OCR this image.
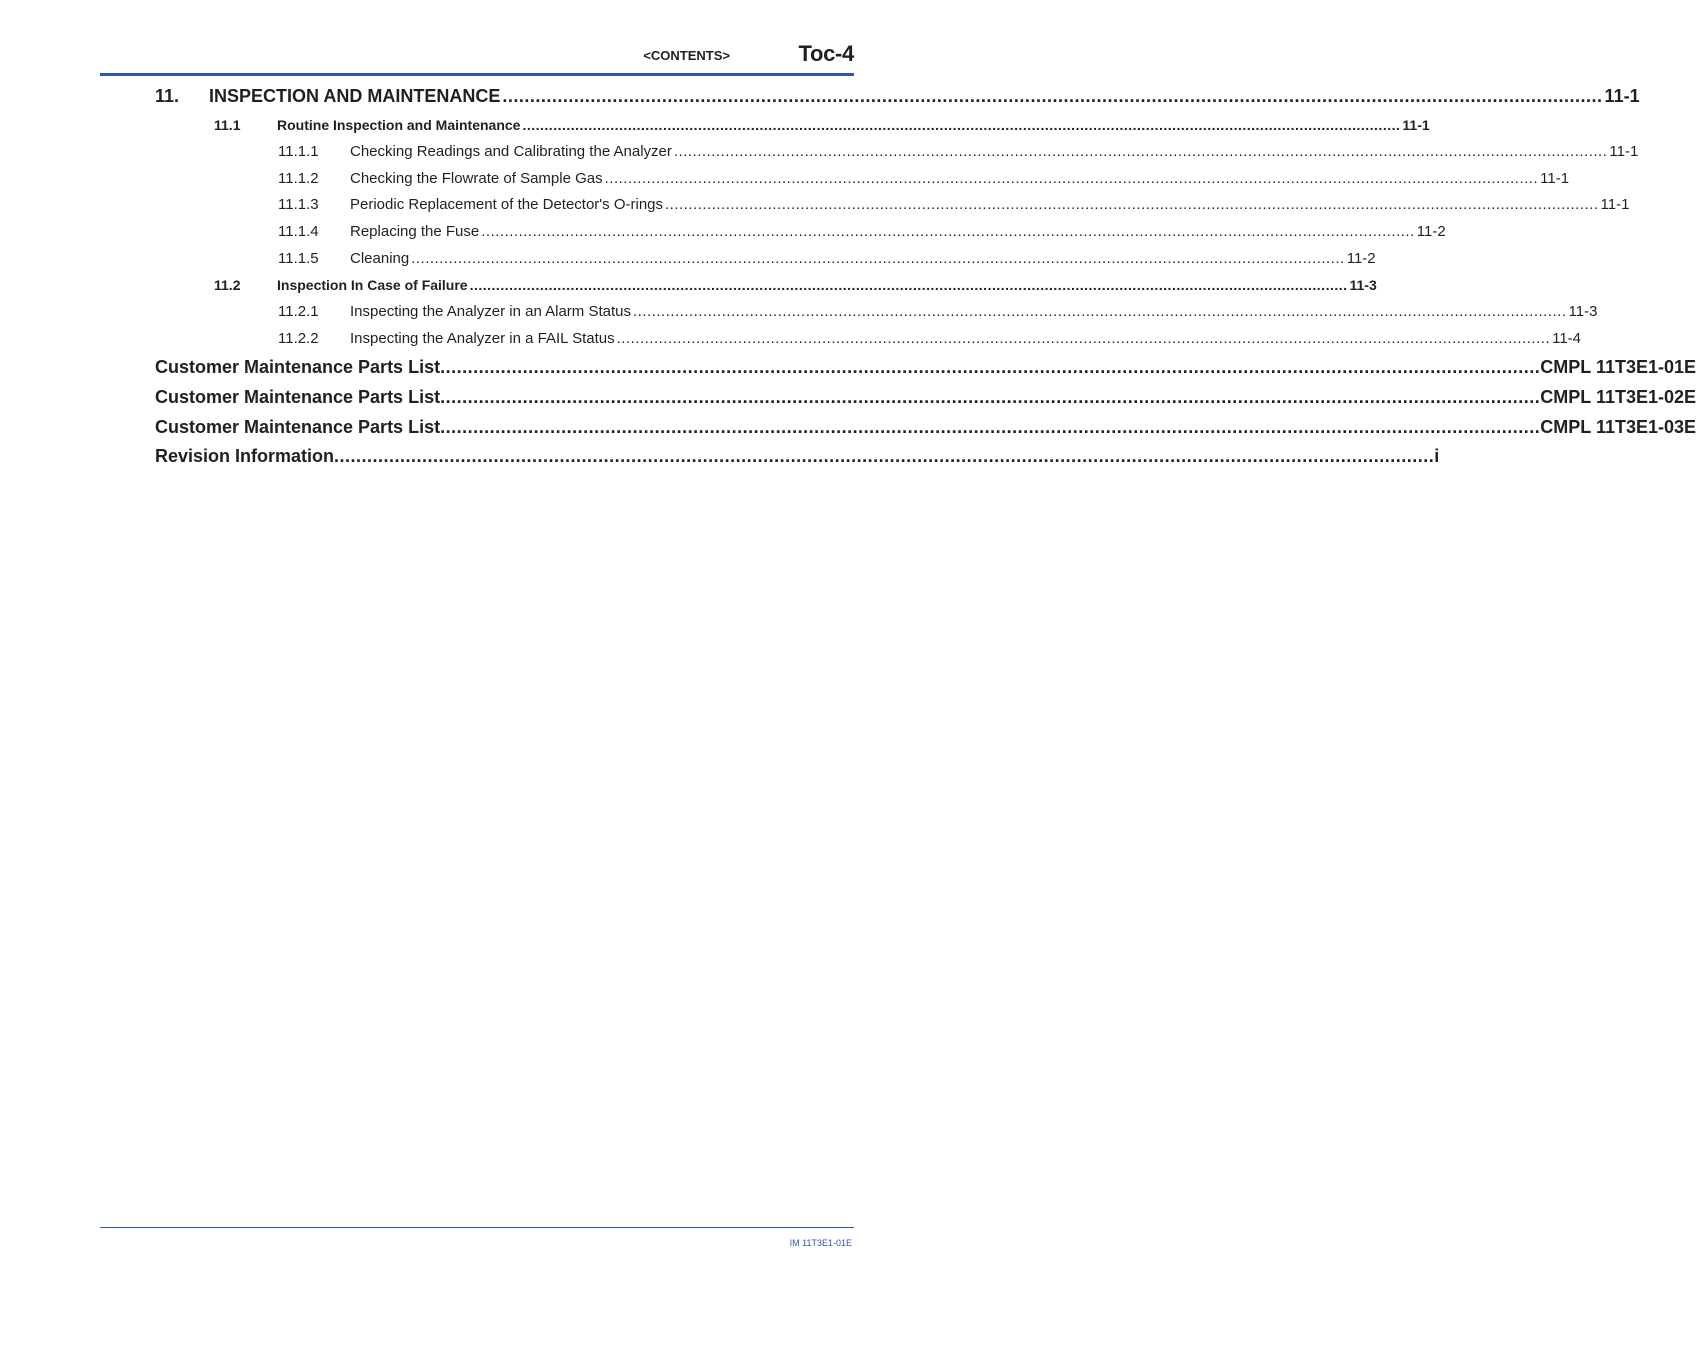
<CONTENTS>	Toc-4
11.	INSPECTION AND MAINTENANCE ........................................................................................................................................................................................................ 11-1
11.1	Routine Inspection and Maintenance ........................................................................................................................................................................................................ 11-1
11.1.1	Checking Readings and Calibrating the Analyzer ........................................................................................................................................................................................................ 11-1
11.1.2	Checking the Flowrate of Sample Gas ........................................................................................................................................................................................................ 11-1
11.1.3	Periodic Replacement of the Detector's O-rings ........................................................................................................................................................................................................ 11-1
11.1.4	Replacing the Fuse ........................................................................................................................................................................................................ 11-2
11.1.5	Cleaning ........................................................................................................................................................................................................ 11-2
11.2	Inspection In Case of Failure ........................................................................................................................................................................................................ 11-3
11.2.1	Inspecting the Analyzer in an Alarm Status ........................................................................................................................................................................................................ 11-3
11.2.2	Inspecting the Analyzer in a FAIL Status ........................................................................................................................................................................................................ 11-4
Customer Maintenance Parts List ........................................................................................................................................................................................................ CMPL 11T3E1-01E
Customer Maintenance Parts List ........................................................................................................................................................................................................ CMPL 11T3E1-02E
Customer Maintenance Parts List ........................................................................................................................................................................................................ CMPL 11T3E1-03E
Revision Information ........................................................................................................................................................................................................ i
IM 11T3E1-01E
